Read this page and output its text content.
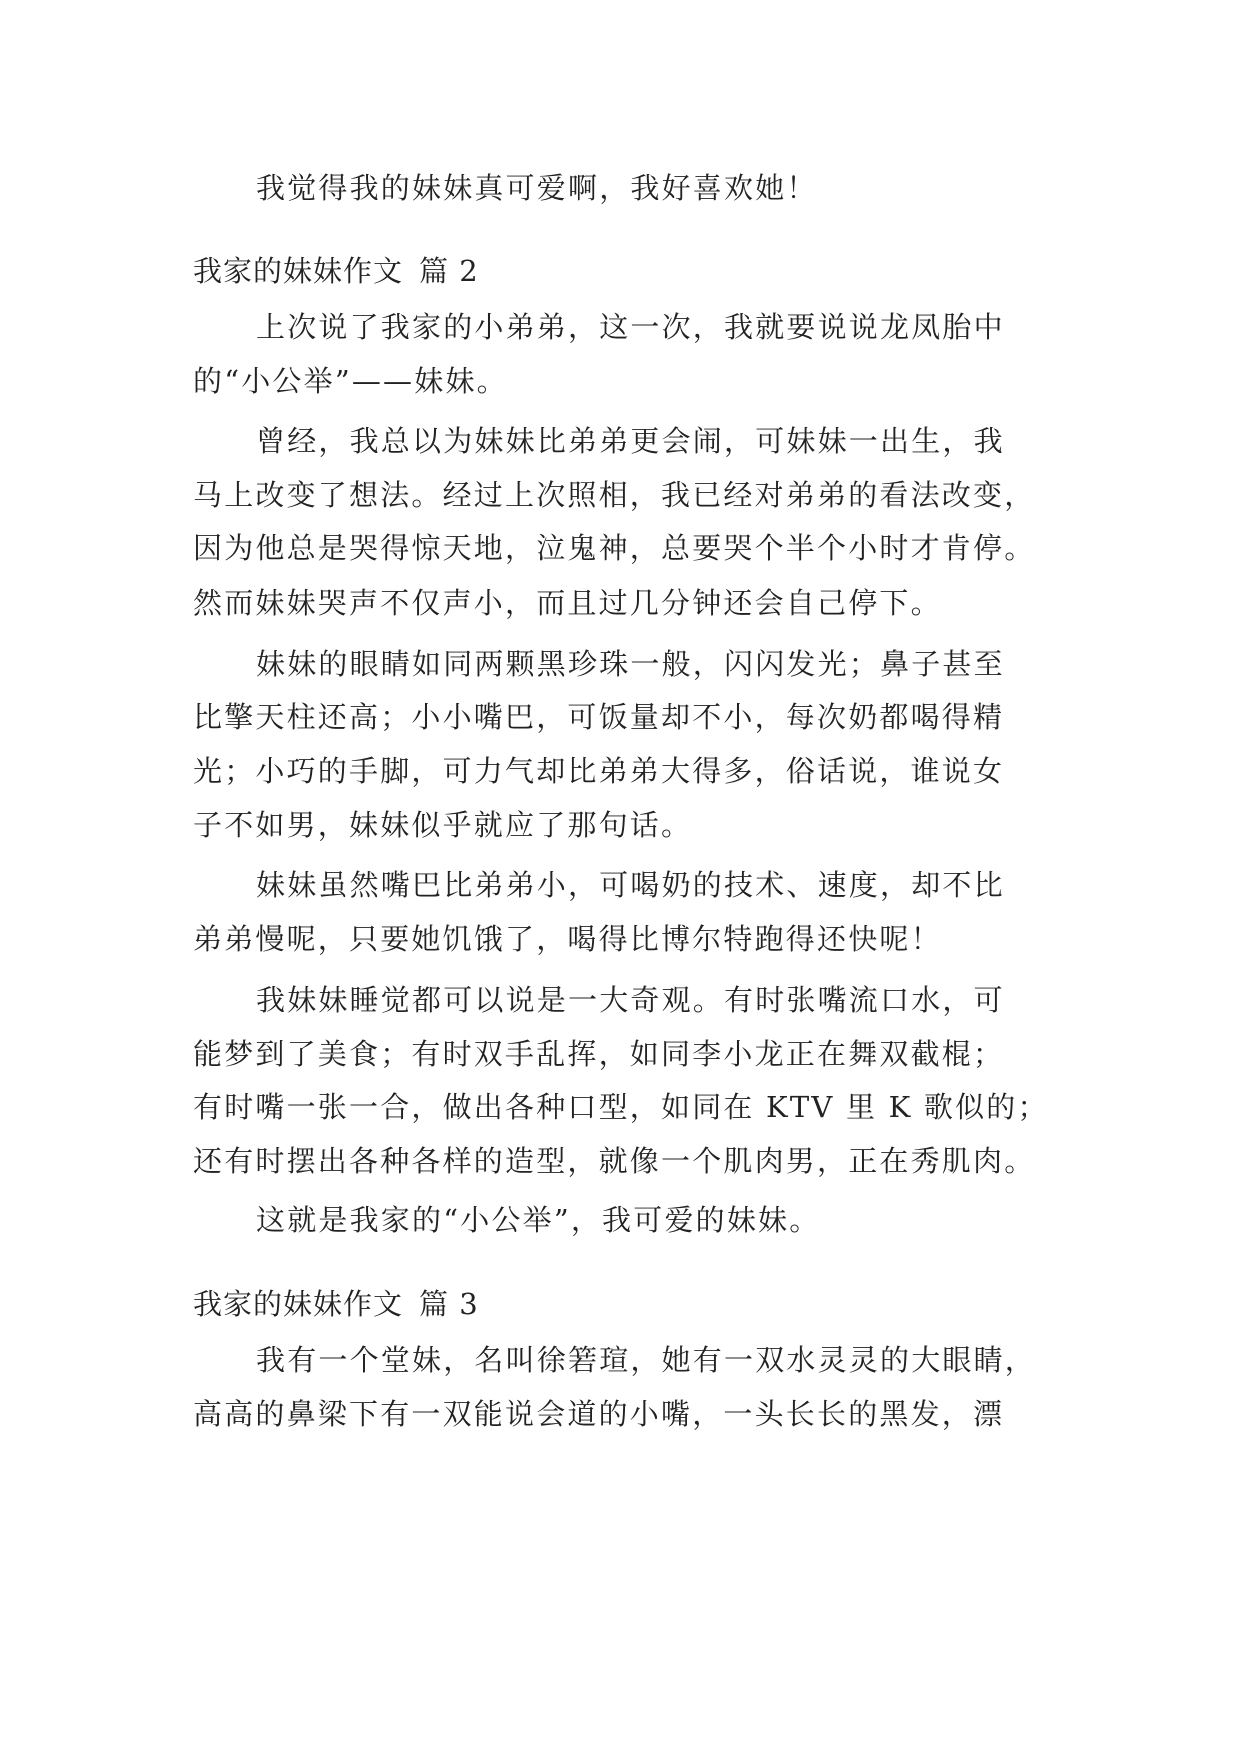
我觉得我的妹妹真可爱啊，我好喜欢她！
我家的妹妹作文 篇 2
上次说了我家的小弟弟，这一次，我就要说说龙凤胎中
的“小公举”——妹妹。
曾经，我总以为妹妹比弟弟更会闹，可妹妹一出生，我
马上改变了想法。经过上次照相，我已经对弟弟的看法改变，
因为他总是哭得惊天地，泣鬼神，总要哭个半个小时才肯停。
然而妹妹哭声不仅声小，而且过几分钟还会自己停下。
妹妹的眼睛如同两颗黑珍珠一般，闪闪发光；鼻子甚至
比擎天柱还高；小小嘴巴，可饭量却不小，每次奶都喝得精
光；小巧的手脚，可力气却比弟弟大得多，俗话说，谁说女
子不如男，妹妹似乎就应了那句话。
妹妹虽然嘴巴比弟弟小，可喝奶的技术、速度，却不比
弟弟慢呢，只要她饥饿了，喝得比博尔特跑得还快呢！
我妹妹睡觉都可以说是一大奇观。有时张嘴流口水，可
能梦到了美食；有时双手乱挥，如同李小龙正在舞双截棍；
有时嘴一张一合，做出各种口型，如同在 KTV 里 K 歌似的；
还有时摆出各种各样的造型，就像一个肌肉男，正在秀肌肉。
这就是我家的“小公举”，我可爱的妹妹。
我家的妹妹作文 篇 3
我有一个堂妹，名叫徐箬瑄，她有一双水灵灵的大眼睛，
高高的鼻梁下有一双能说会道的小嘴，一头长长的黑发，漂
